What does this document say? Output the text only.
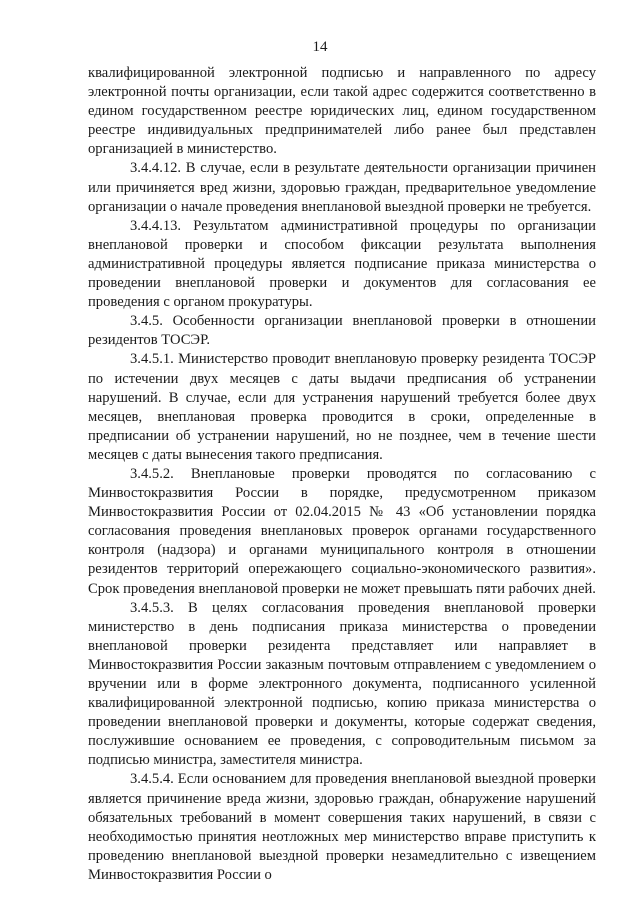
14

квалифицированной электронной подписью и направленного по адресу электронной почты организации, если такой адрес содержится соответственно в едином государственном реестре юридических лиц, едином государственном реестре индивидуальных предпринимателей либо ранее был представлен организацией в министерство.

3.4.4.12. В случае, если в результате деятельности организации причинен или причиняется вред жизни, здоровью граждан, предварительное уведомление организации о начале проведения внеплановой выездной проверки не требуется.

3.4.4.13. Результатом административной процедуры по организации внеплановой проверки и способом фиксации результата выполнения административной процедуры является подписание приказа министерства о проведении внеплановой проверки и документов для согласования ее проведения с органом прокуратуры.

3.4.5. Особенности организации внеплановой проверки в отношении резидентов ТОСЭР.

3.4.5.1. Министерство проводит внеплановую проверку резидента ТОСЭР по истечении двух месяцев с даты выдачи предписания об устранении нарушений. В случае, если для устранения нарушений требуется более двух месяцев, внеплановая проверка проводится в сроки, определенные в предписании об устранении нарушений, но не позднее, чем в течение шести месяцев с даты вынесения такого предписания.

3.4.5.2. Внеплановые проверки проводятся по согласованию с Минвостокразвития России в порядке, предусмотренном приказом Минвостокразвития России от 02.04.2015 № 43 «Об установлении порядка согласования проведения внеплановых проверок органами государственного контроля (надзора) и органами муниципального контроля в отношении резидентов территорий опережающего социально-экономического развития». Срок проведения внеплановой проверки не может превышать пяти рабочих дней.

3.4.5.3. В целях согласования проведения внеплановой проверки министерство в день подписания приказа министерства о проведении внеплановой проверки резидента представляет или направляет в Минвостокразвития России заказным почтовым отправлением с уведомлением о вручении или в форме электронного документа, подписанного усиленной квалифицированной электронной подписью, копию приказа министерства о проведении внеплановой проверки и документы, которые содержат сведения, послужившие основанием ее проведения, с сопроводительным письмом за подписью министра, заместителя министра.

3.4.5.4. Если основанием для проведения внеплановой выездной проверки является причинение вреда жизни, здоровью граждан, обнаружение нарушений обязательных требований в момент совершения таких нарушений, в связи с необходимостью принятия неотложных мер министерство вправе приступить к проведению внеплановой выездной проверки незамедлительно с извещением Минвостокразвития России о
